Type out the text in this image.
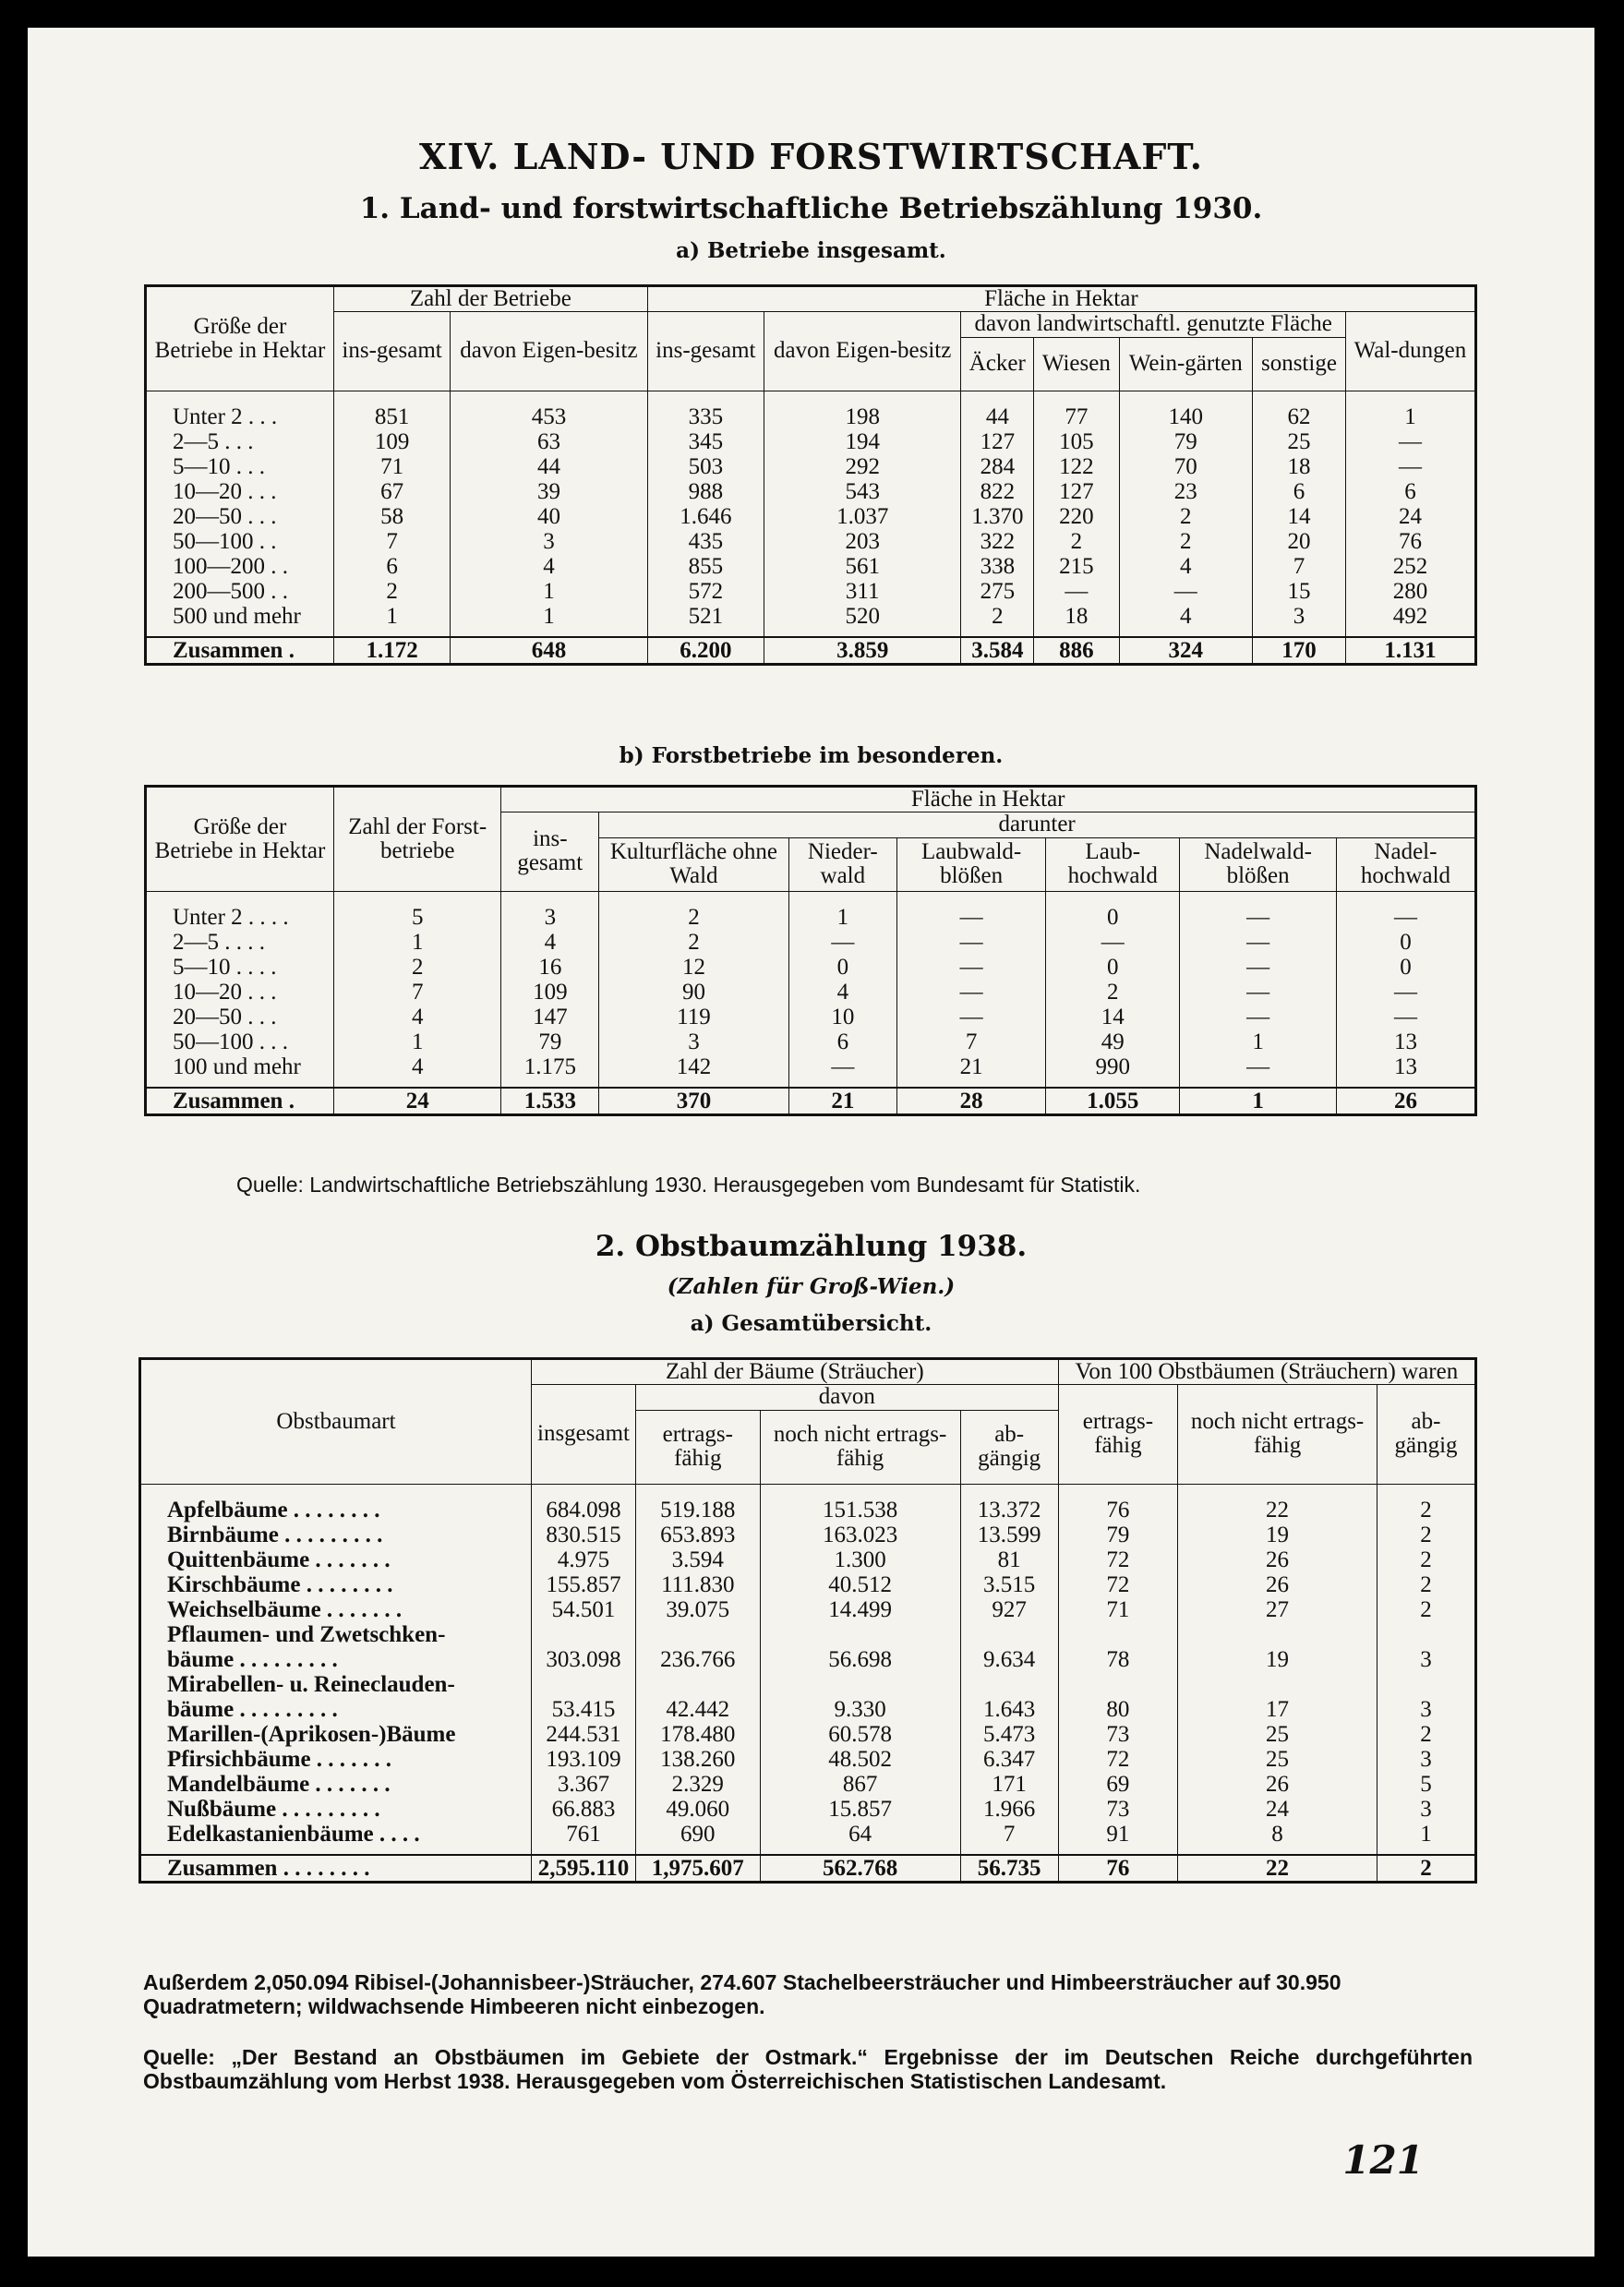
XIV. LAND- UND FORSTWIRTSCHAFT.
1. Land- und forstwirtschaftliche Betriebszählung 1930.
a) Betriebe insgesamt.
Größe der Betriebe in Hektar	Zahl der Betriebe		Fläche in Hektar						
	ins-gesamt	davon Eigen-besitz	ins-gesamt	davon Eigen-besitz	davon landwirtschaftl. genutzte Fläche				Wal-dungen
					Äcker	Wiesen	Wein-gärten	sonstige	
Unter 2 . . .	851	453	335	198	44	77	140	62	1
2—5 . . .	109	63	345	194	127	105	79	25	—
5—10 . . .	71	44	503	292	284	122	70	18	—
10—20 . . .	67	39	988	543	822	127	23	6	6
20—50 . . .	58	40	1.646	1.037	1.370	220	2	14	24
50—100 . .	7	3	435	203	322	2	2	20	76
100—200 . .	6	4	855	561	338	215	4	7	252
200—500 . .	2	1	572	311	275	—	—	15	280
500 und mehr	1	1	521	520	2	18	4	3	492
Zusammen .	1.172	648	6.200	3.859	3.584	886	324	170	1.131
b) Forstbetriebe im besonderen.
Größe der Betriebe in Hektar	Zahl der Forst-betriebe	Fläche in Hektar						
		ins-gesamt	darunter					
			Kulturfläche ohne Wald	Nieder-wald	Laubwald-blößen	Laub-hochwald	Nadelwald-blößen	Nadel-hochwald
Unter 2 . . . .	5	3	2	1	—	0	—	—
2—5 . . . .	1	4	2	—	—	—	—	0
5—10 . . . .	2	16	12	0	—	0	—	0
10—20 . . .	7	109	90	4	—	2	—	—
20—50 . . .	4	147	119	10	—	14	—	—
50—100 . . .	1	79	3	6	7	49	1	13
100 und mehr	4	1.175	142	—	21	990	—	13
Zusammen .	24	1.533	370	21	28	1.055	1	26
Quelle: Landwirtschaftliche Betriebszählung 1930. Herausgegeben vom Bundesamt für Statistik.
2. Obstbaumzählung 1938.
(Zahlen für Groß-Wien.)
a) Gesamtübersicht.
Obstbaumart	Zahl der Bäume (Sträucher)				Von 100 Obstbäumen (Sträuchern) waren		
	insgesamt	davon			ertrags-fähig	noch nicht ertrags-fähig	ab-gängig
		ertrags-fähig	noch nicht ertrags-fähig	ab-gängig			
Apfelbäume . . . . . . . .	684.098	519.188	151.538	13.372	76	22	2
Birnbäume . . . . . . . . .	830.515	653.893	163.023	13.599	79	19	2
Quittenbäume . . . . . . .	4.975	3.594	1.300	81	72	26	2
Kirschbäume . . . . . . . .	155.857	111.830	40.512	3.515	72	26	2
Weichselbäume . . . . . . .	54.501	39.075	14.499	927	71	27	2
Pflaumen- und Zwetschken-							
bäume . . . . . . . . .	303.098	236.766	56.698	9.634	78	19	3
Mirabellen- u. Reineclauden-							
bäume . . . . . . . . .	53.415	42.442	9.330	1.643	80	17	3
Marillen-(Aprikosen-)Bäume	244.531	178.480	60.578	5.473	73	25	2
Pfirsichbäume . . . . . . .	193.109	138.260	48.502	6.347	72	25	3
Mandelbäume . . . . . . .	3.367	2.329	867	171	69	26	5
Nußbäume . . . . . . . . .	66.883	49.060	15.857	1.966	73	24	3
Edelkastanienbäume . . . .	761	690	64	7	91	8	1
Zusammen . . . . . . . .	2,595.110	1,975.607	562.768	56.735	76	22	2
Außerdem 2,050.094 Ribisel-(Johannisbeer-)Sträucher, 274.607 Stachelbeersträucher und Himbeersträucher auf 30.950 Quadratmetern; wildwachsende Himbeeren nicht einbezogen.
Quelle: „Der Bestand an Obstbäumen im Gebiete der Ostmark.“ Ergebnisse der im Deutschen Reiche durchgeführten Obstbaumzählung vom Herbst 1938. Herausgegeben vom Österreichischen Statistischen Landesamt.
121
